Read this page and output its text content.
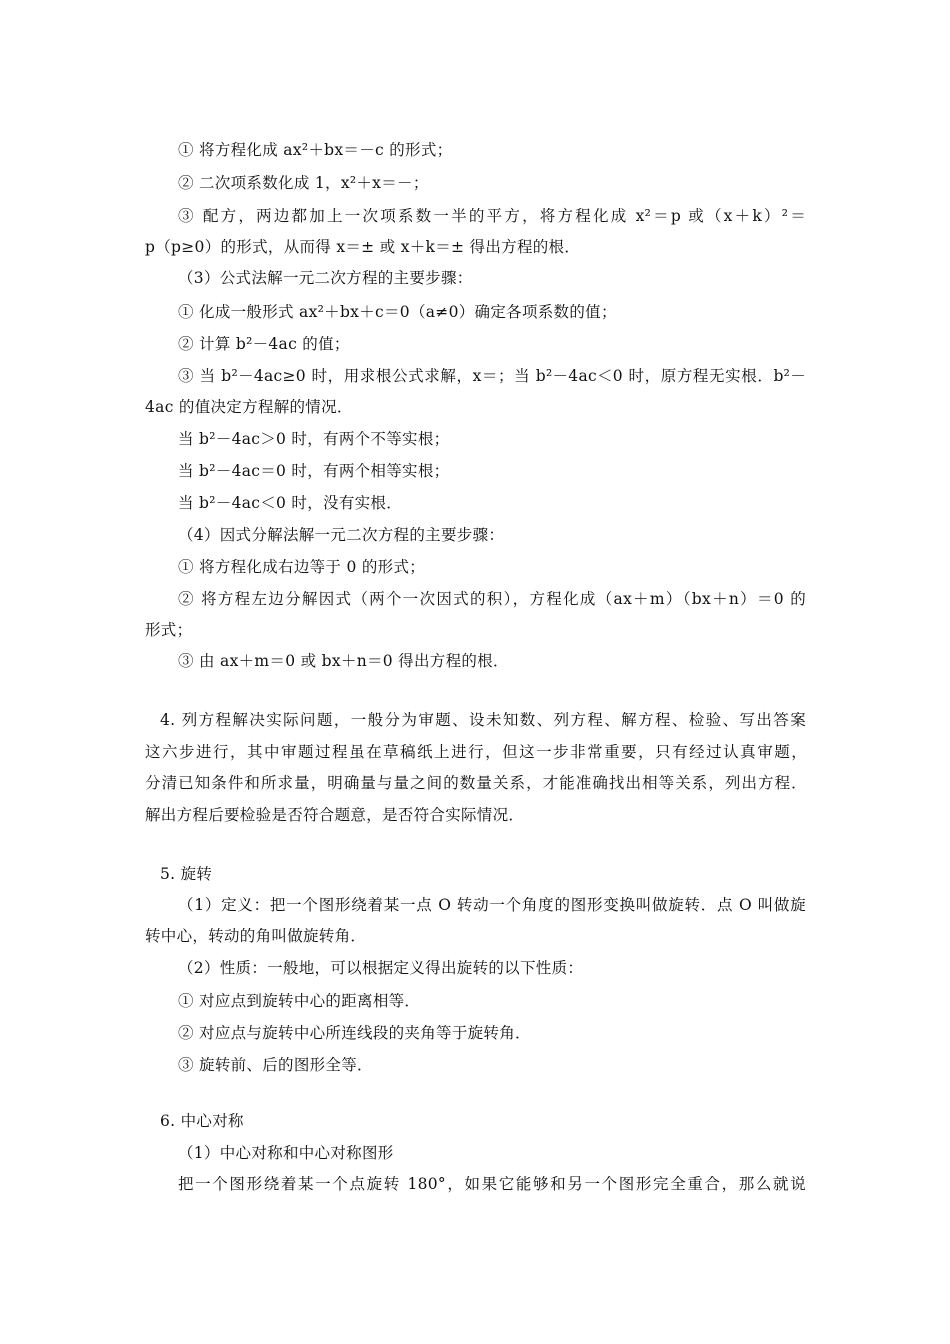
① 将方程化成 ax²＋bx＝－c 的形式；
② 二次项系数化成 1，x²＋x＝－；
③ 配方，两边都加上一次项系数一半的平方，将方程化成 x²＝p 或（x＋k）²＝
p（p≥0）的形式，从而得 x＝± 或 x＋k＝± 得出方程的根．
（3）公式法解一元二次方程的主要步骤：
① 化成一般形式 ax²＋bx＋c＝0（a≠0）确定各项系数的值；
② 计算 b²－4ac 的值；
③ 当 b²－4ac≥0 时，用求根公式求解，x＝；当 b²－4ac＜0 时，原方程无实根．b²－
4ac 的值决定方程解的情况．
当 b²－4ac＞0 时，有两个不等实根；
当 b²－4ac＝0 时，有两个相等实根；
当 b²－4ac＜0 时，没有实根．
（4）因式分解法解一元二次方程的主要步骤：
① 将方程化成右边等于 0 的形式；
② 将方程左边分解因式（两个一次因式的积），方程化成（ax＋m）（bx＋n）＝0 的
形式；
③ 由 ax＋m＝0 或 bx＋n＝0 得出方程的根．
4. 列方程解决实际问题，一般分为审题、设未知数、列方程、解方程、检验、写出答案
这六步进行，其中审题过程虽在草稿纸上进行，但这一步非常重要，只有经过认真审题，
分清已知条件和所求量，明确量与量之间的数量关系，才能准确找出相等关系，列出方程．
解出方程后要检验是否符合题意，是否符合实际情况．
5. 旋转
（1）定义：把一个图形绕着某一点 O 转动一个角度的图形变换叫做旋转．点 O 叫做旋
转中心，转动的角叫做旋转角．
（2）性质：一般地，可以根据定义得出旋转的以下性质：
① 对应点到旋转中心的距离相等．
② 对应点与旋转中心所连线段的夹角等于旋转角．
③ 旋转前、后的图形全等．
6. 中心对称
（1）中心对称和中心对称图形
把一个图形绕着某一个点旋转 180°，如果它能够和另一个图形完全重合，那么就说
